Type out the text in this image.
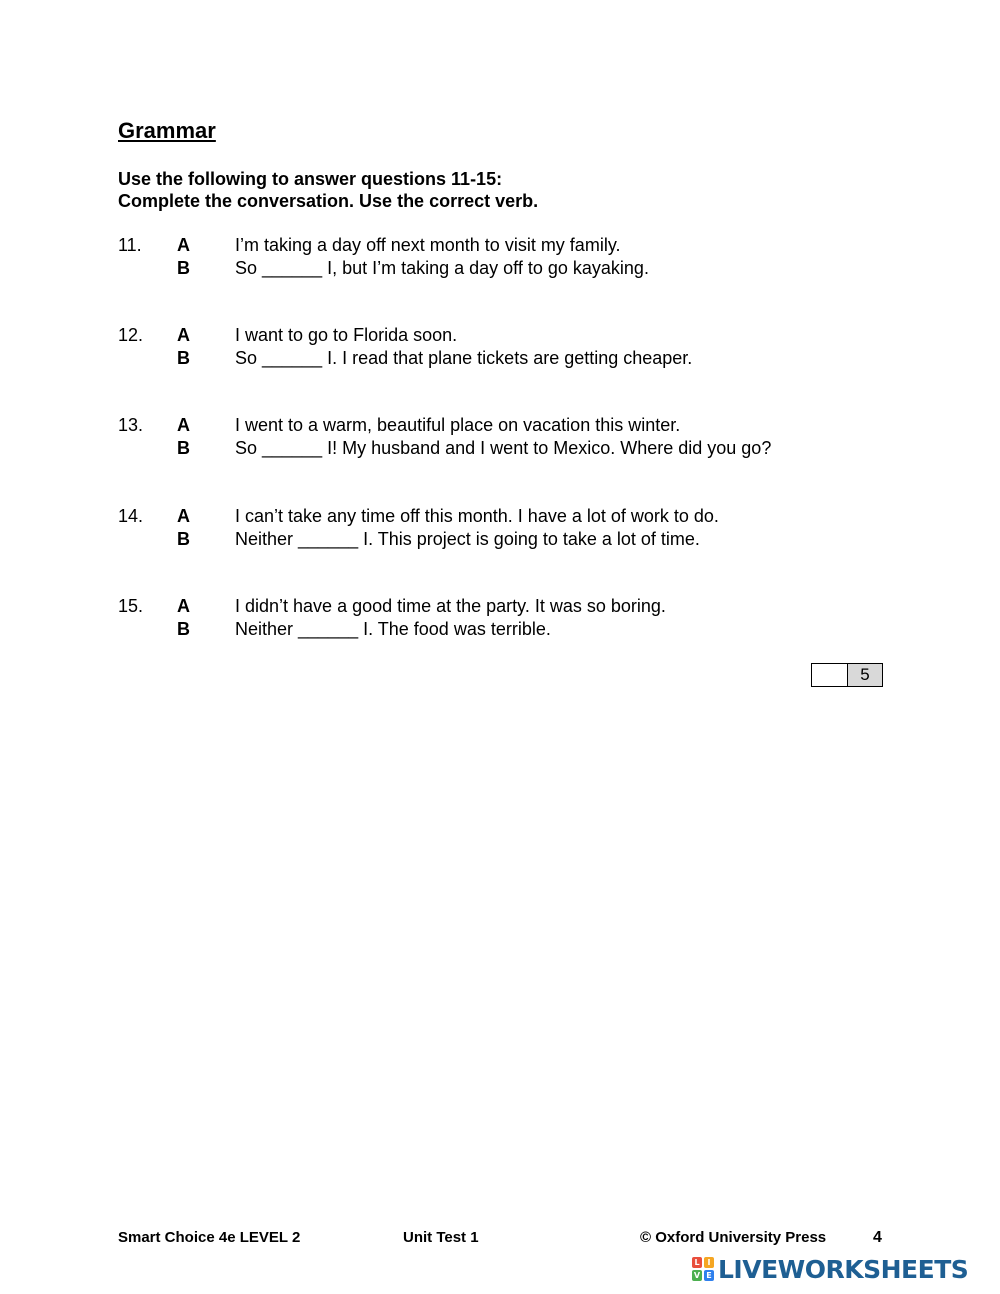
Grammar
Use the following to answer questions 11-15:
Complete the conversation. Use the correct verb.
11. A	I’m taking a day off next month to visit my family.
B	So ______ I, but I’m taking a day off to go kayaking.
12. A	I want to go to Florida soon.
B	So ______ I. I read that plane tickets are getting cheaper.
13. A	I went to a warm, beautiful place on vacation this winter.
B	So ______ I! My husband and I went to Mexico. Where did you go?
14. A	I can’t take any time off this month. I have a lot of work to do.
B	Neither ______ I. This project is going to take a lot of time.
15. A	I didn’t have a good time at the party. It was so boring.
B	Neither ______ I. The food was terrible.
5
Smart Choice 4e LEVEL 2	Unit Test 1	© Oxford University Press	4
L I
V E LIVEWORKSHEETS
